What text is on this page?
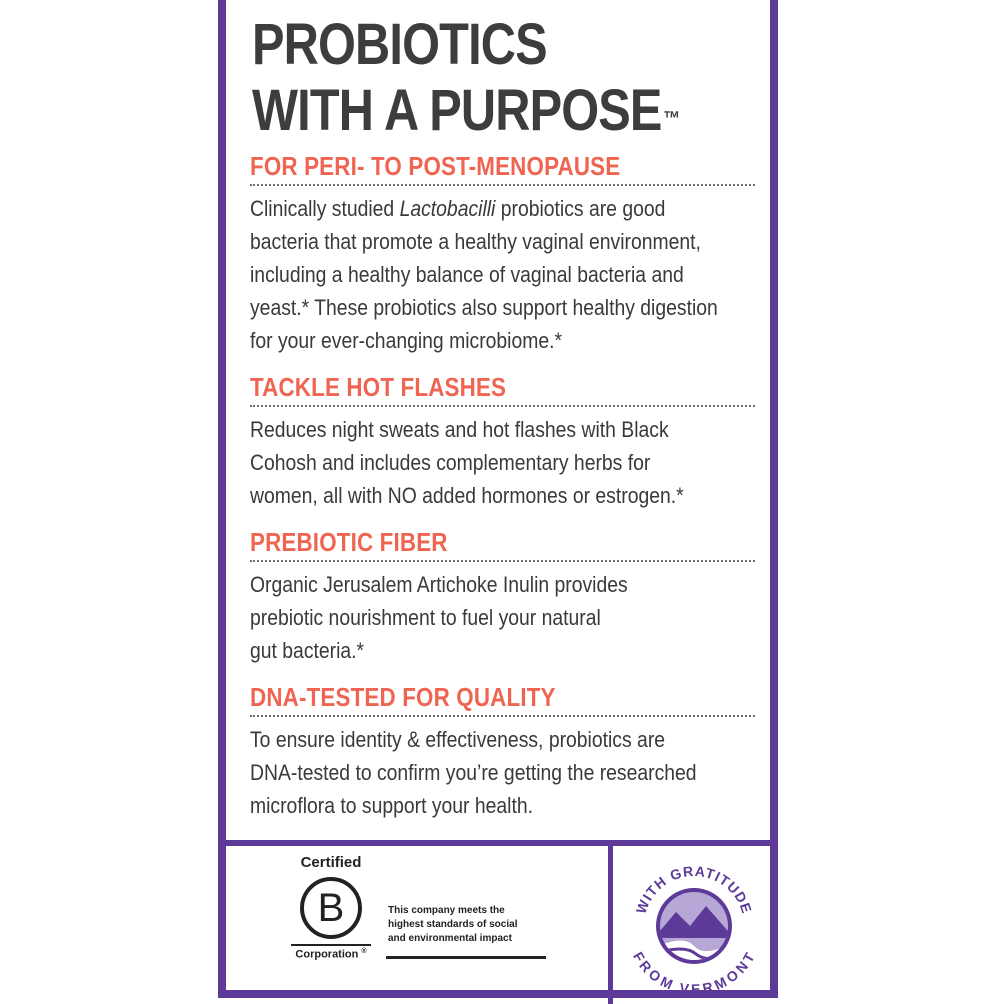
PROBIOTICS
WITH A PURPOSE™
FOR PERI- TO POST-MENOPAUSE

Clinically studied Lactobacilli probiotics are good

bacteria that promote a healthy vaginal environment,

including a healthy balance of vaginal bacteria and

yeast.* These probiotics also support healthy digestion

for your ever-changing microbiome.*

TACKLE HOT FLASHES

Reduces night sweats and hot flashes with Black

Cohosh and includes complementary herbs for

women, all with NO added hormones or estrogen.*

PREBIOTIC FIBER

Organic Jerusalem Artichoke Inulin provides

prebiotic nourishment to fuel your natural

gut bacteria.*

DNA-TESTED FOR QUALITY

To ensure identity & effectiveness, probiotics are

DNA-tested to confirm you’re getting the researched

microflora to support your health.

Certified
B
Corporation ®

This company meets the

highest standards of social

and environmental impact

WITH GRATITUDE
FROM VERMONT
